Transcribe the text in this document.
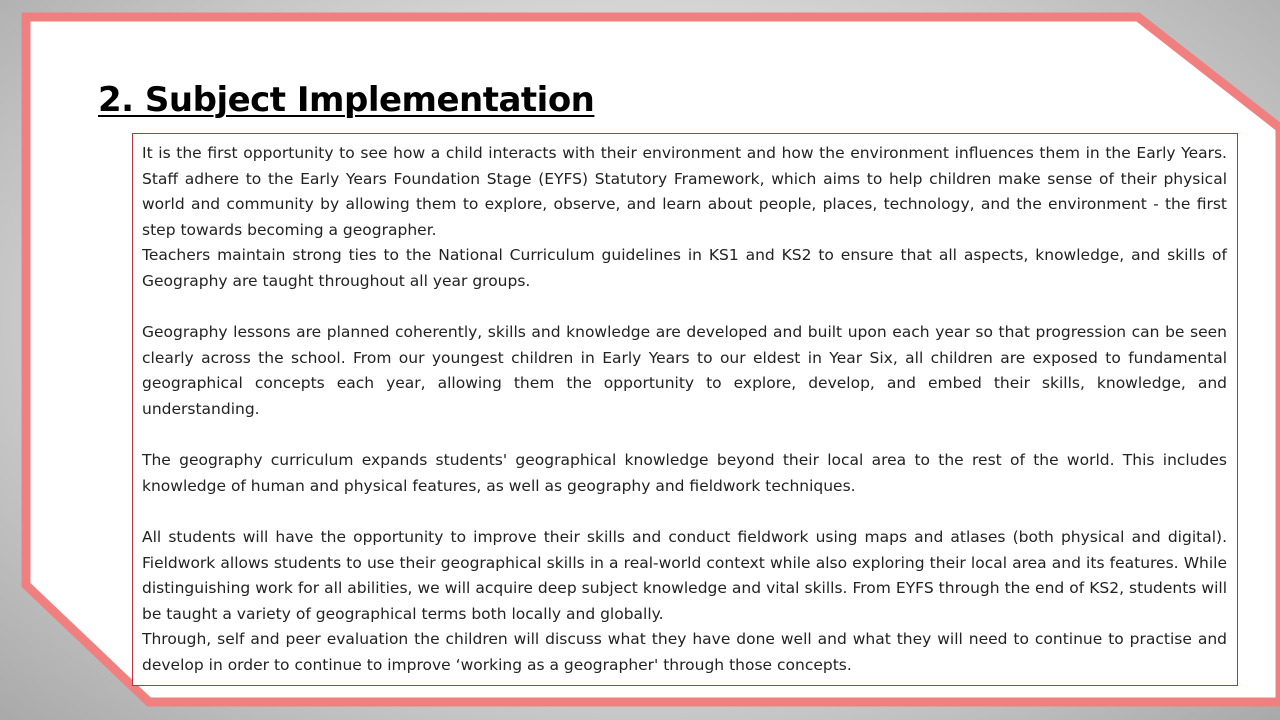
2. Subject Implementation

It is the first opportunity to see how a child interacts with their environment and how the environment influences them in the Early Years. Staff adhere to the Early Years Foundation Stage (EYFS) Statutory Framework, which aims to help children make sense of their physical world and community by allowing them to explore, observe, and learn about people, places, technology, and the environment - the first step towards becoming a geographer.

Teachers maintain strong ties to the National Curriculum guidelines in KS1 and KS2 to ensure that all aspects, knowledge, and skills of Geography are taught throughout all year groups.

Geography lessons are planned coherently, skills and knowledge are developed and built upon each year so that progression can be seen clearly across the school. From our youngest children in Early Years to our eldest in Year Six, all children are exposed to fundamental geographical concepts each year, allowing them the opportunity to explore, develop, and embed their skills, knowledge, and understanding.

The geography curriculum expands students' geographical knowledge beyond their local area to the rest of the world. This includes knowledge of human and physical features, as well as geography and fieldwork techniques.

All students will have the opportunity to improve their skills and conduct fieldwork using maps and atlases (both physical and digital). Fieldwork allows students to use their geographical skills in a real-world context while also exploring their local area and its features. While distinguishing work for all abilities, we will acquire deep subject knowledge and vital skills. From EYFS through the end of KS2, students will be taught a variety of geographical terms both locally and globally.

Through, self and peer evaluation the children will discuss what they have done well and what they will need to continue to practise and develop in order to continue to improve ‘working as a geographer' through those concepts.
